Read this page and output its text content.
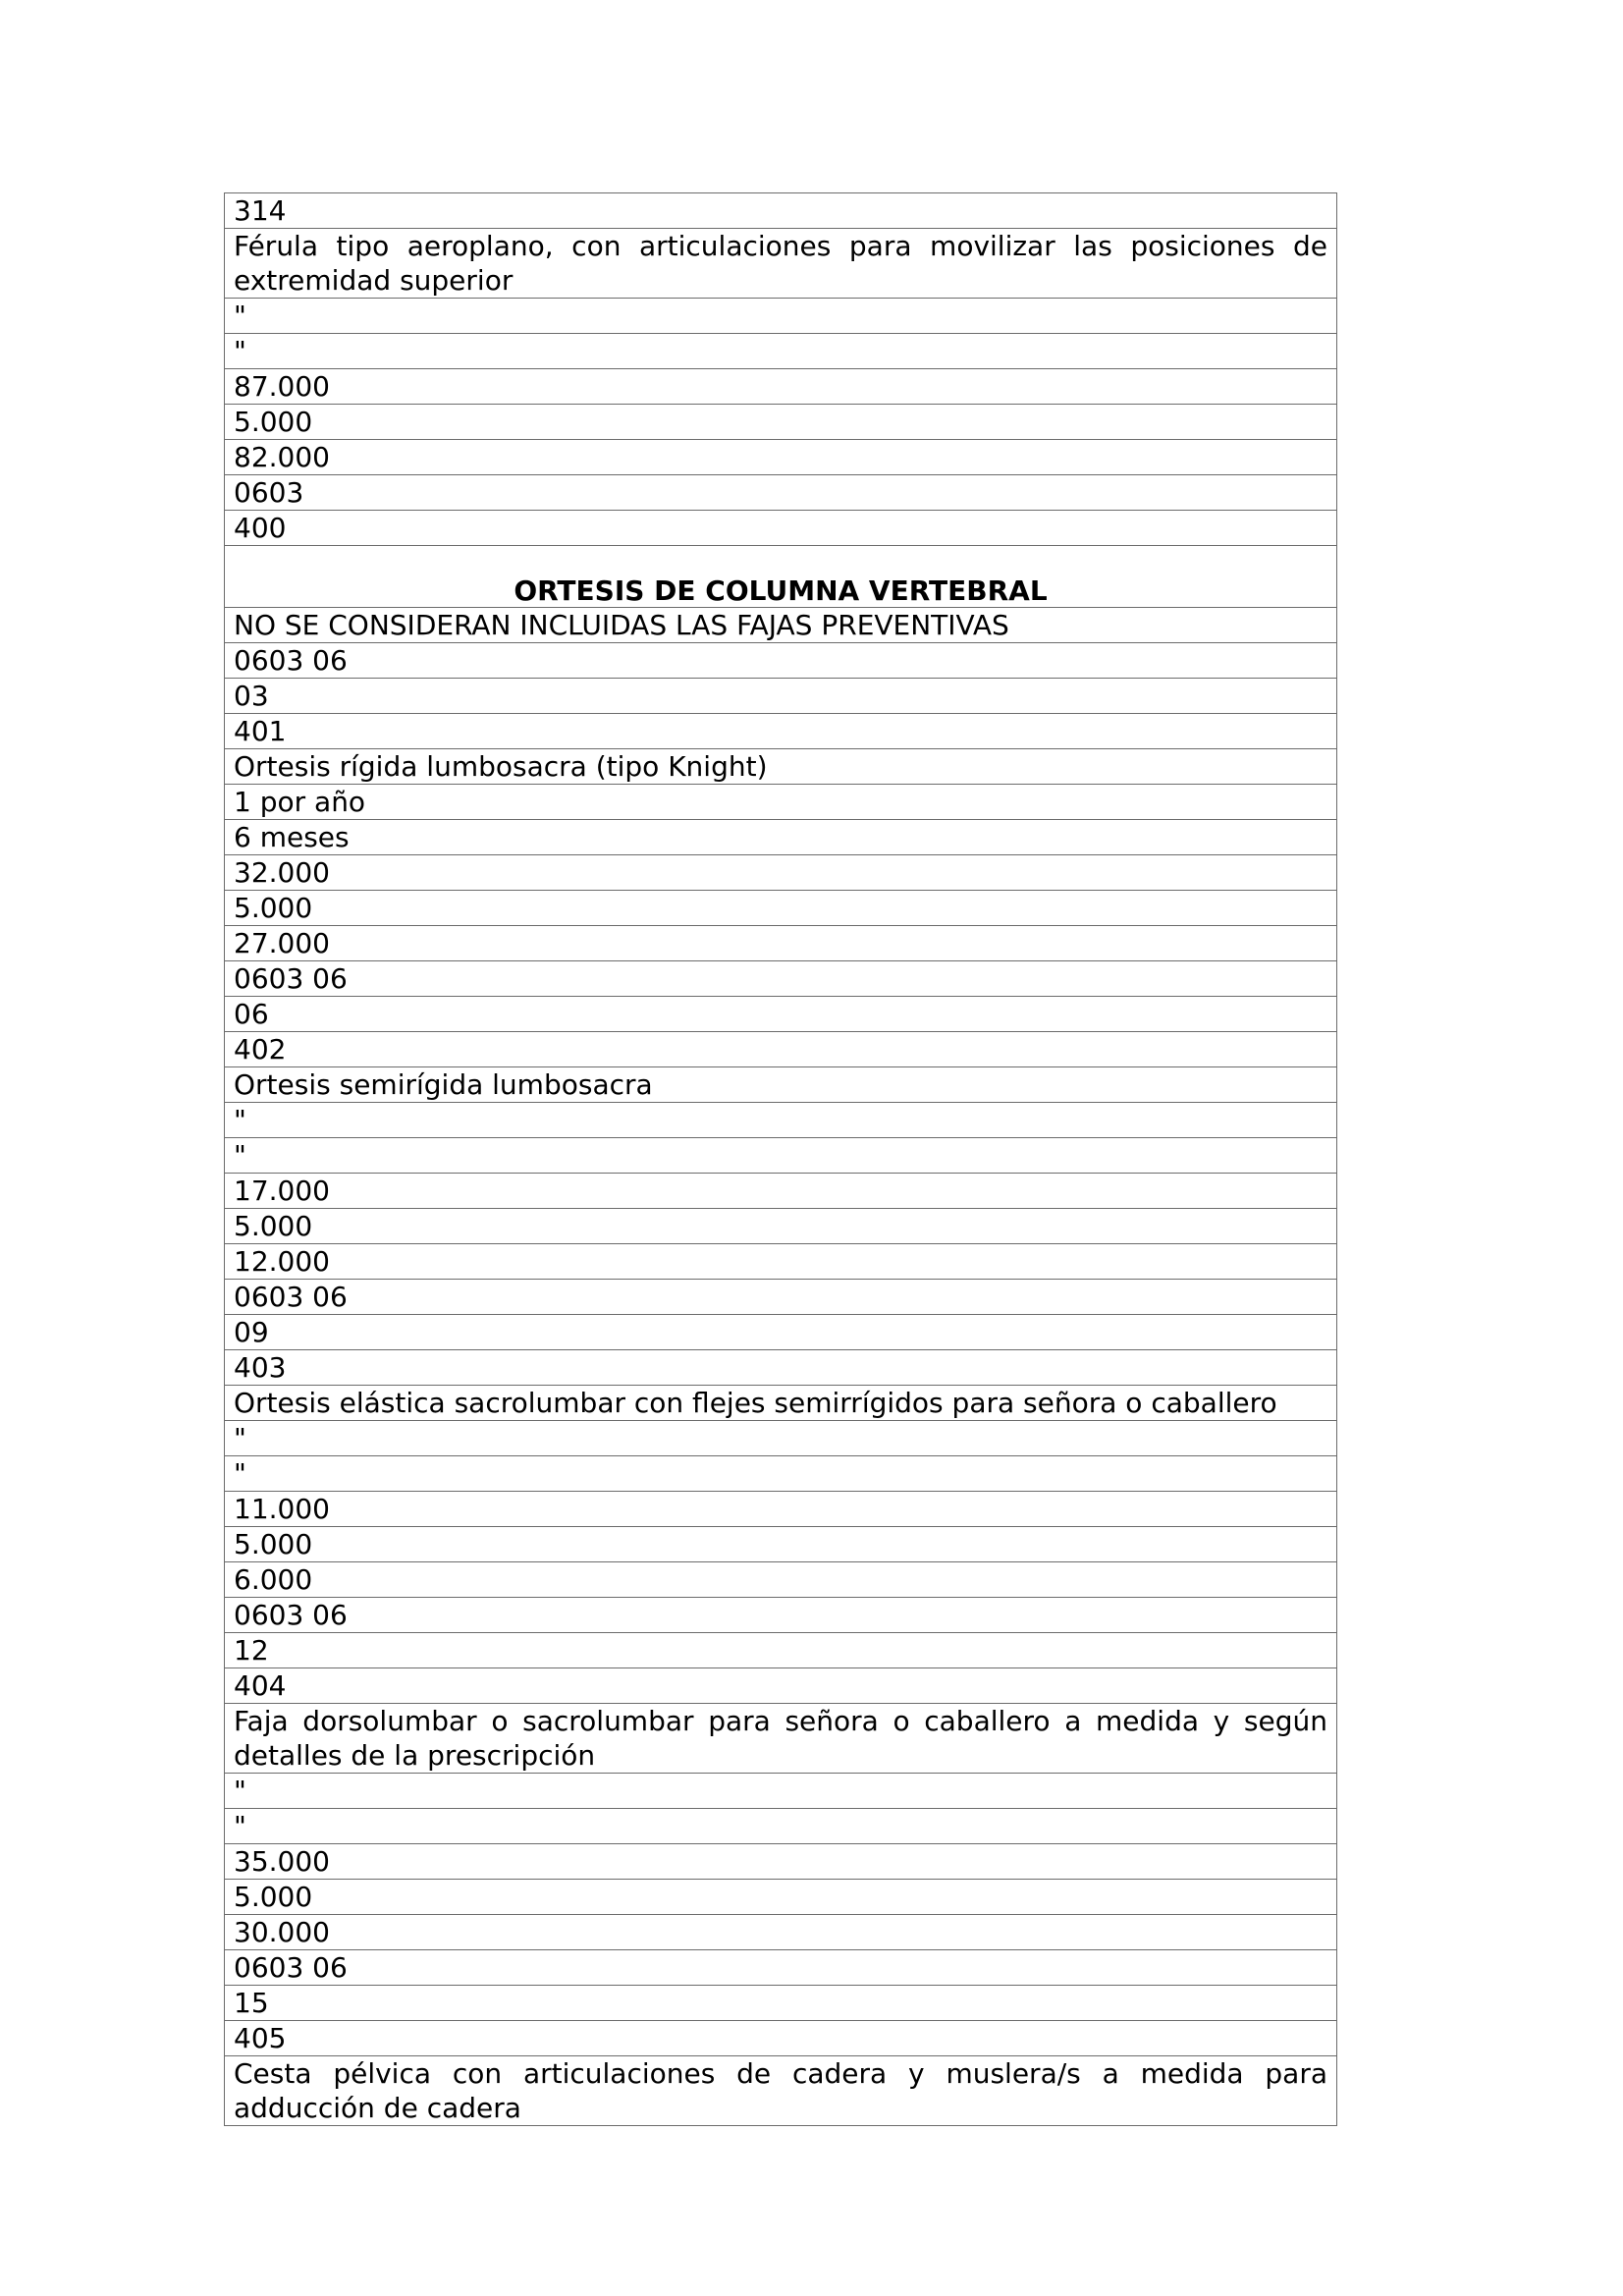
314
Férula tipo aeroplano, con articulaciones para movilizar las posiciones de extremidad superior
"
"
87.000
5.000
82.000
0603
400
ORTESIS DE COLUMNA VERTEBRAL
NO SE CONSIDERAN INCLUIDAS LAS FAJAS PREVENTIVAS
0603 06
03
401
Ortesis rígida lumbosacra (tipo Knight)
1 por año
6 meses
32.000
5.000
27.000
0603 06
06
402
Ortesis semirígida lumbosacra
"
"
17.000
5.000
12.000
0603 06
09
403
Ortesis elástica sacrolumbar con flejes semirrígidos para señora o caballero
"
"
11.000
5.000
6.000
0603 06
12
404
Faja dorsolumbar o sacrolumbar para señora o caballero a medida y según detalles de la prescripción
"
"
35.000
5.000
30.000
0603 06
15
405
Cesta pélvica con articulaciones de cadera y muslera/s a medida para adducción de cadera
